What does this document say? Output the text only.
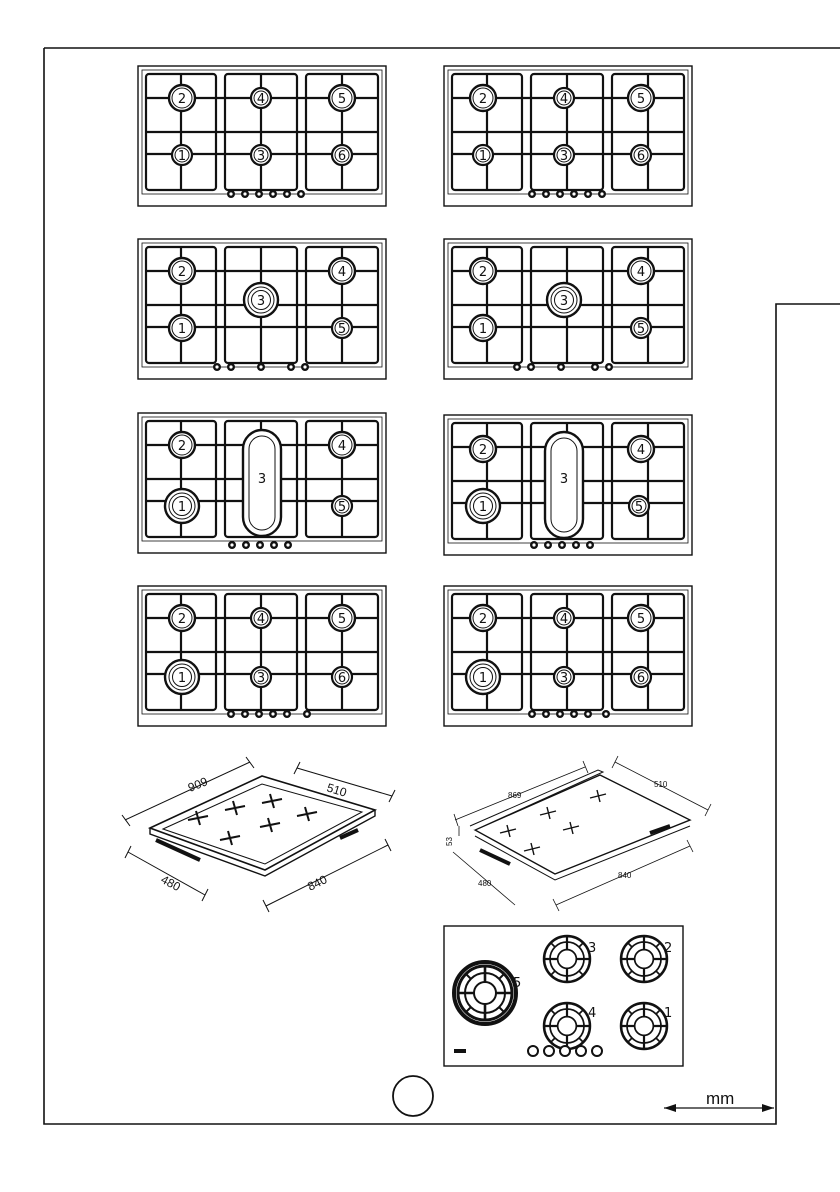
2	4	5
1	3	6
2	4	5
1	3	6
2
3
4
1	5
2
3
4
1	5
2
3
4
1	5
2
3
4
1	5
2	4	5
1	3	6
2	4	5
1	3	6
909	510
480	840
869
510
53
480
840
5
3	2
4	1
mm
